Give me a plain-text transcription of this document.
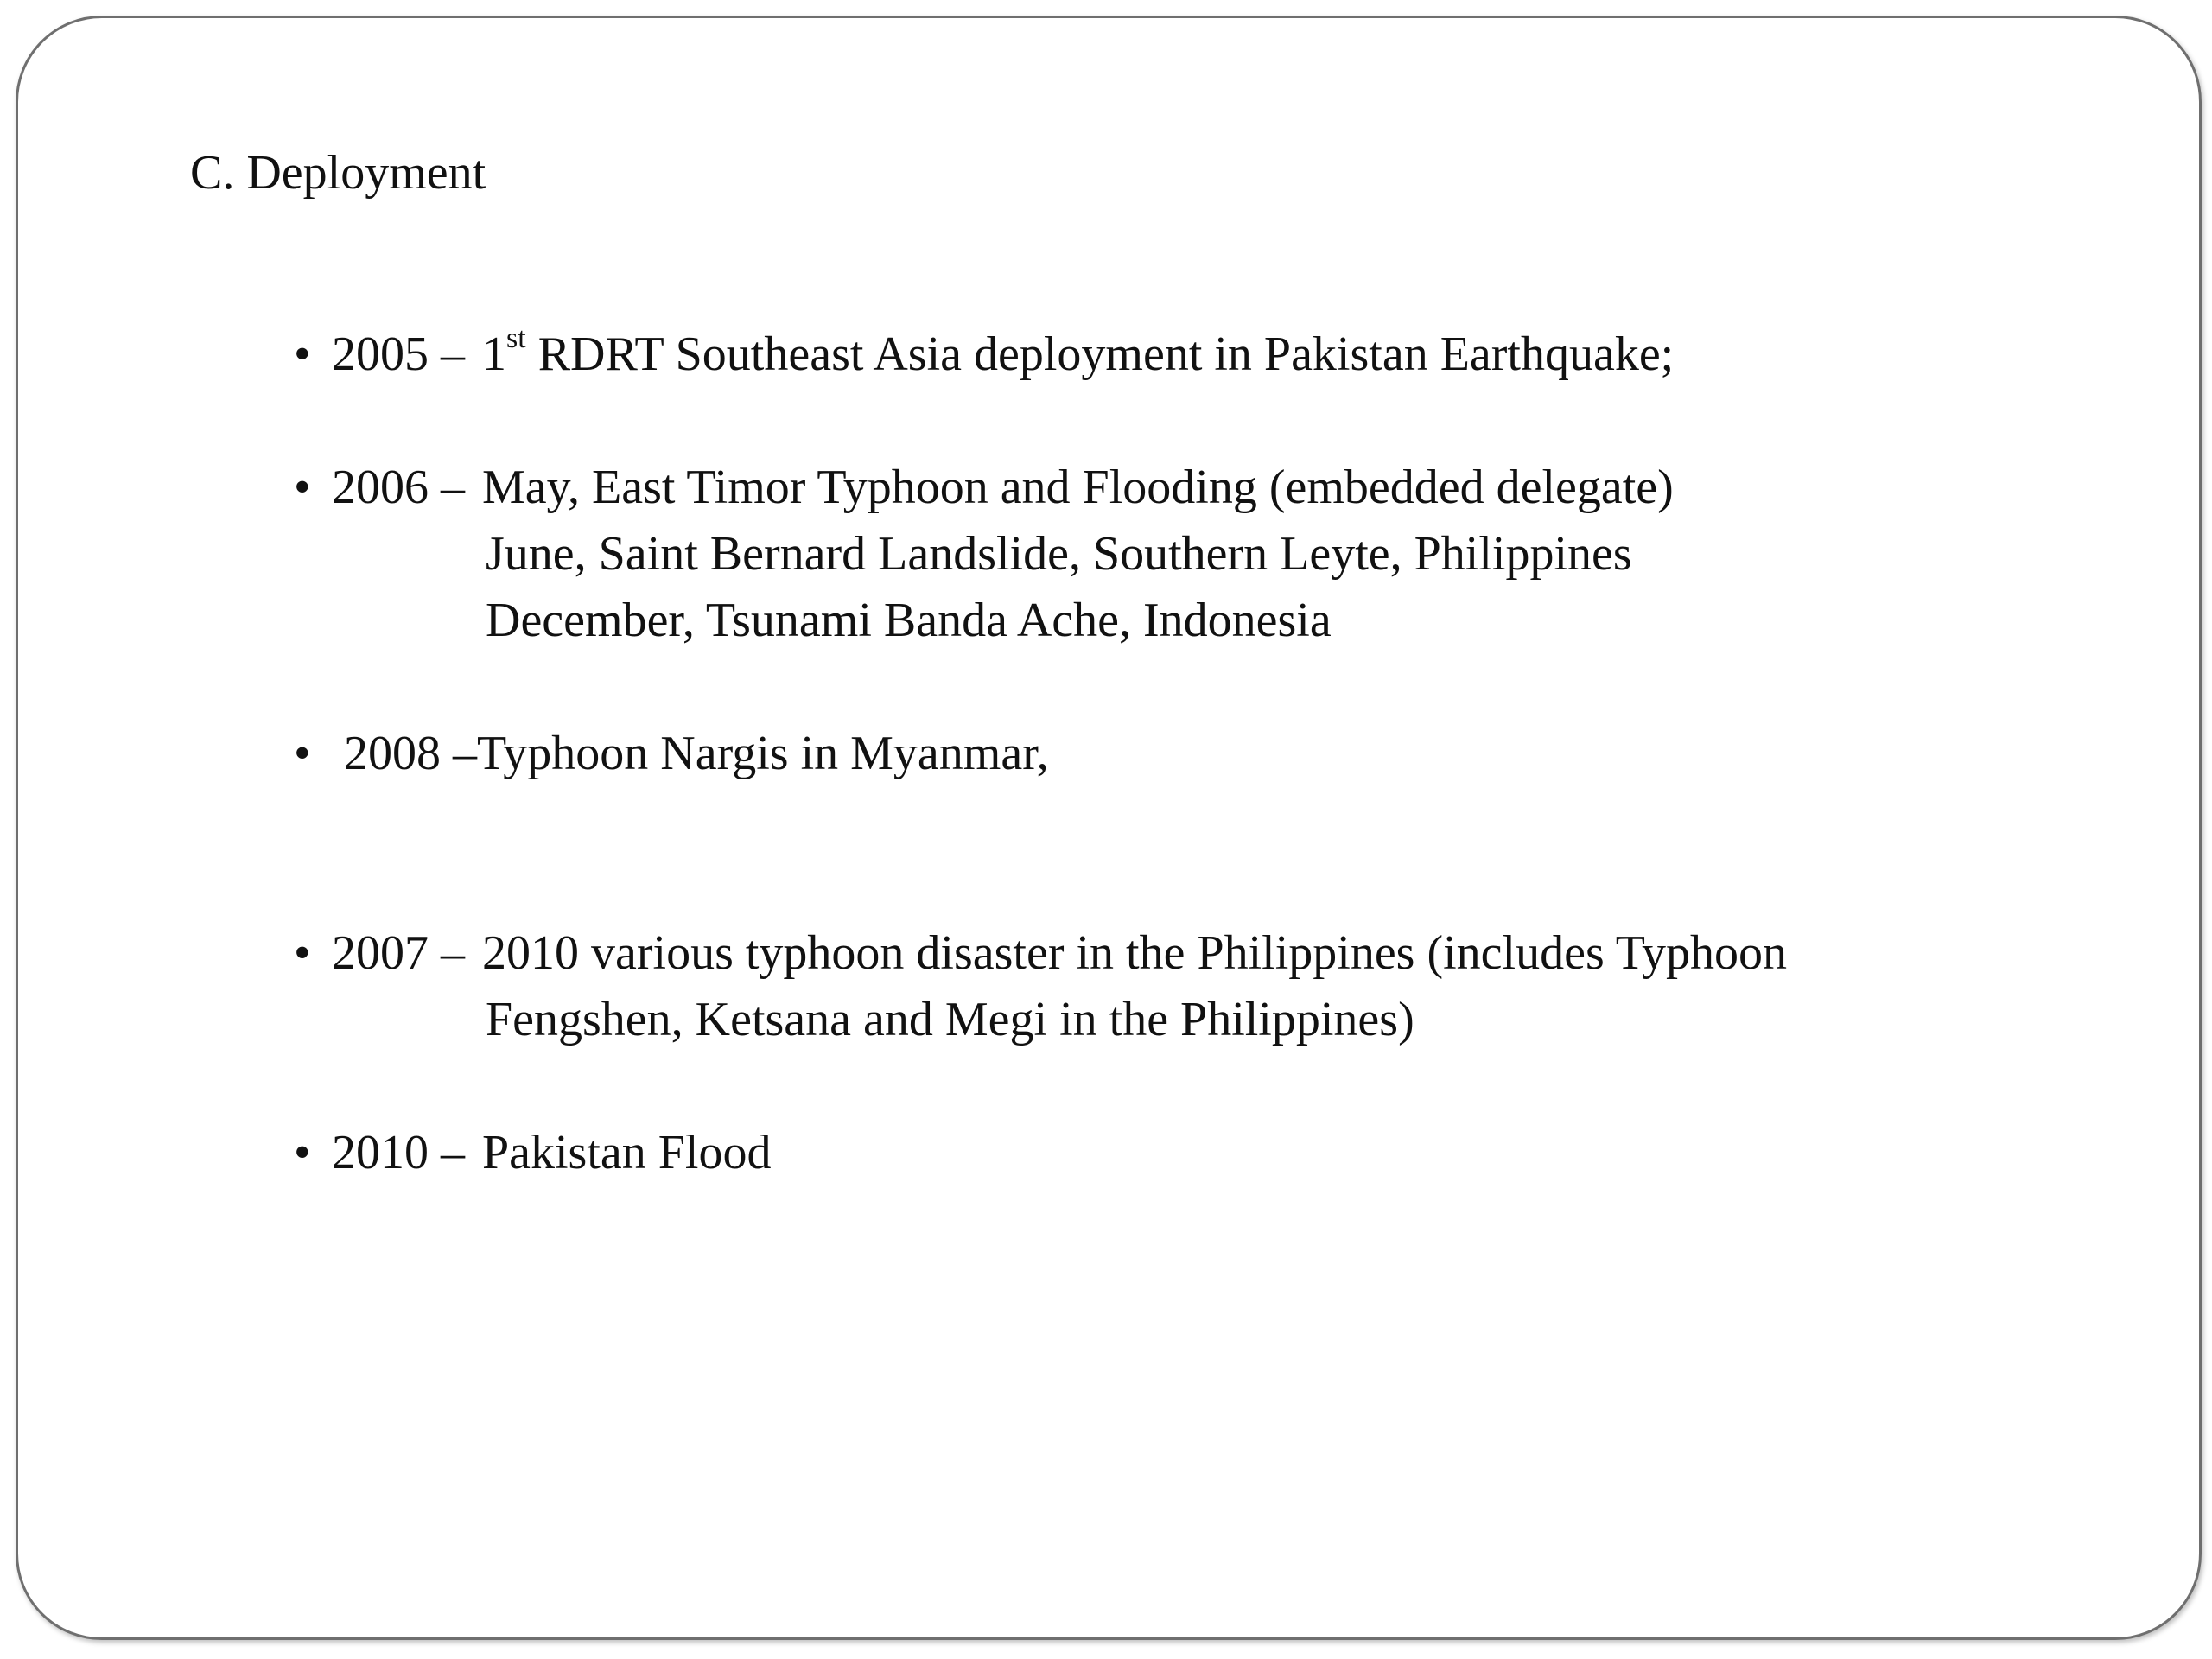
C. Deployment
• 2005 – 1st RDRT Southeast Asia deployment in Pakistan Earthquake;
• 2006 – May, East Timor Typhoon and Flooding (embedded delegate)
June, Saint Bernard Landslide, Southern Leyte, Philippines
December, Tsunami Banda Ache, Indonesia
• 2008 –Typhoon Nargis in Myanmar,
• 2007 – 2010 various typhoon disaster in the Philippines (includes Typhoon
Fengshen, Ketsana and Megi in the Philippines)
• 2010 – Pakistan Flood
